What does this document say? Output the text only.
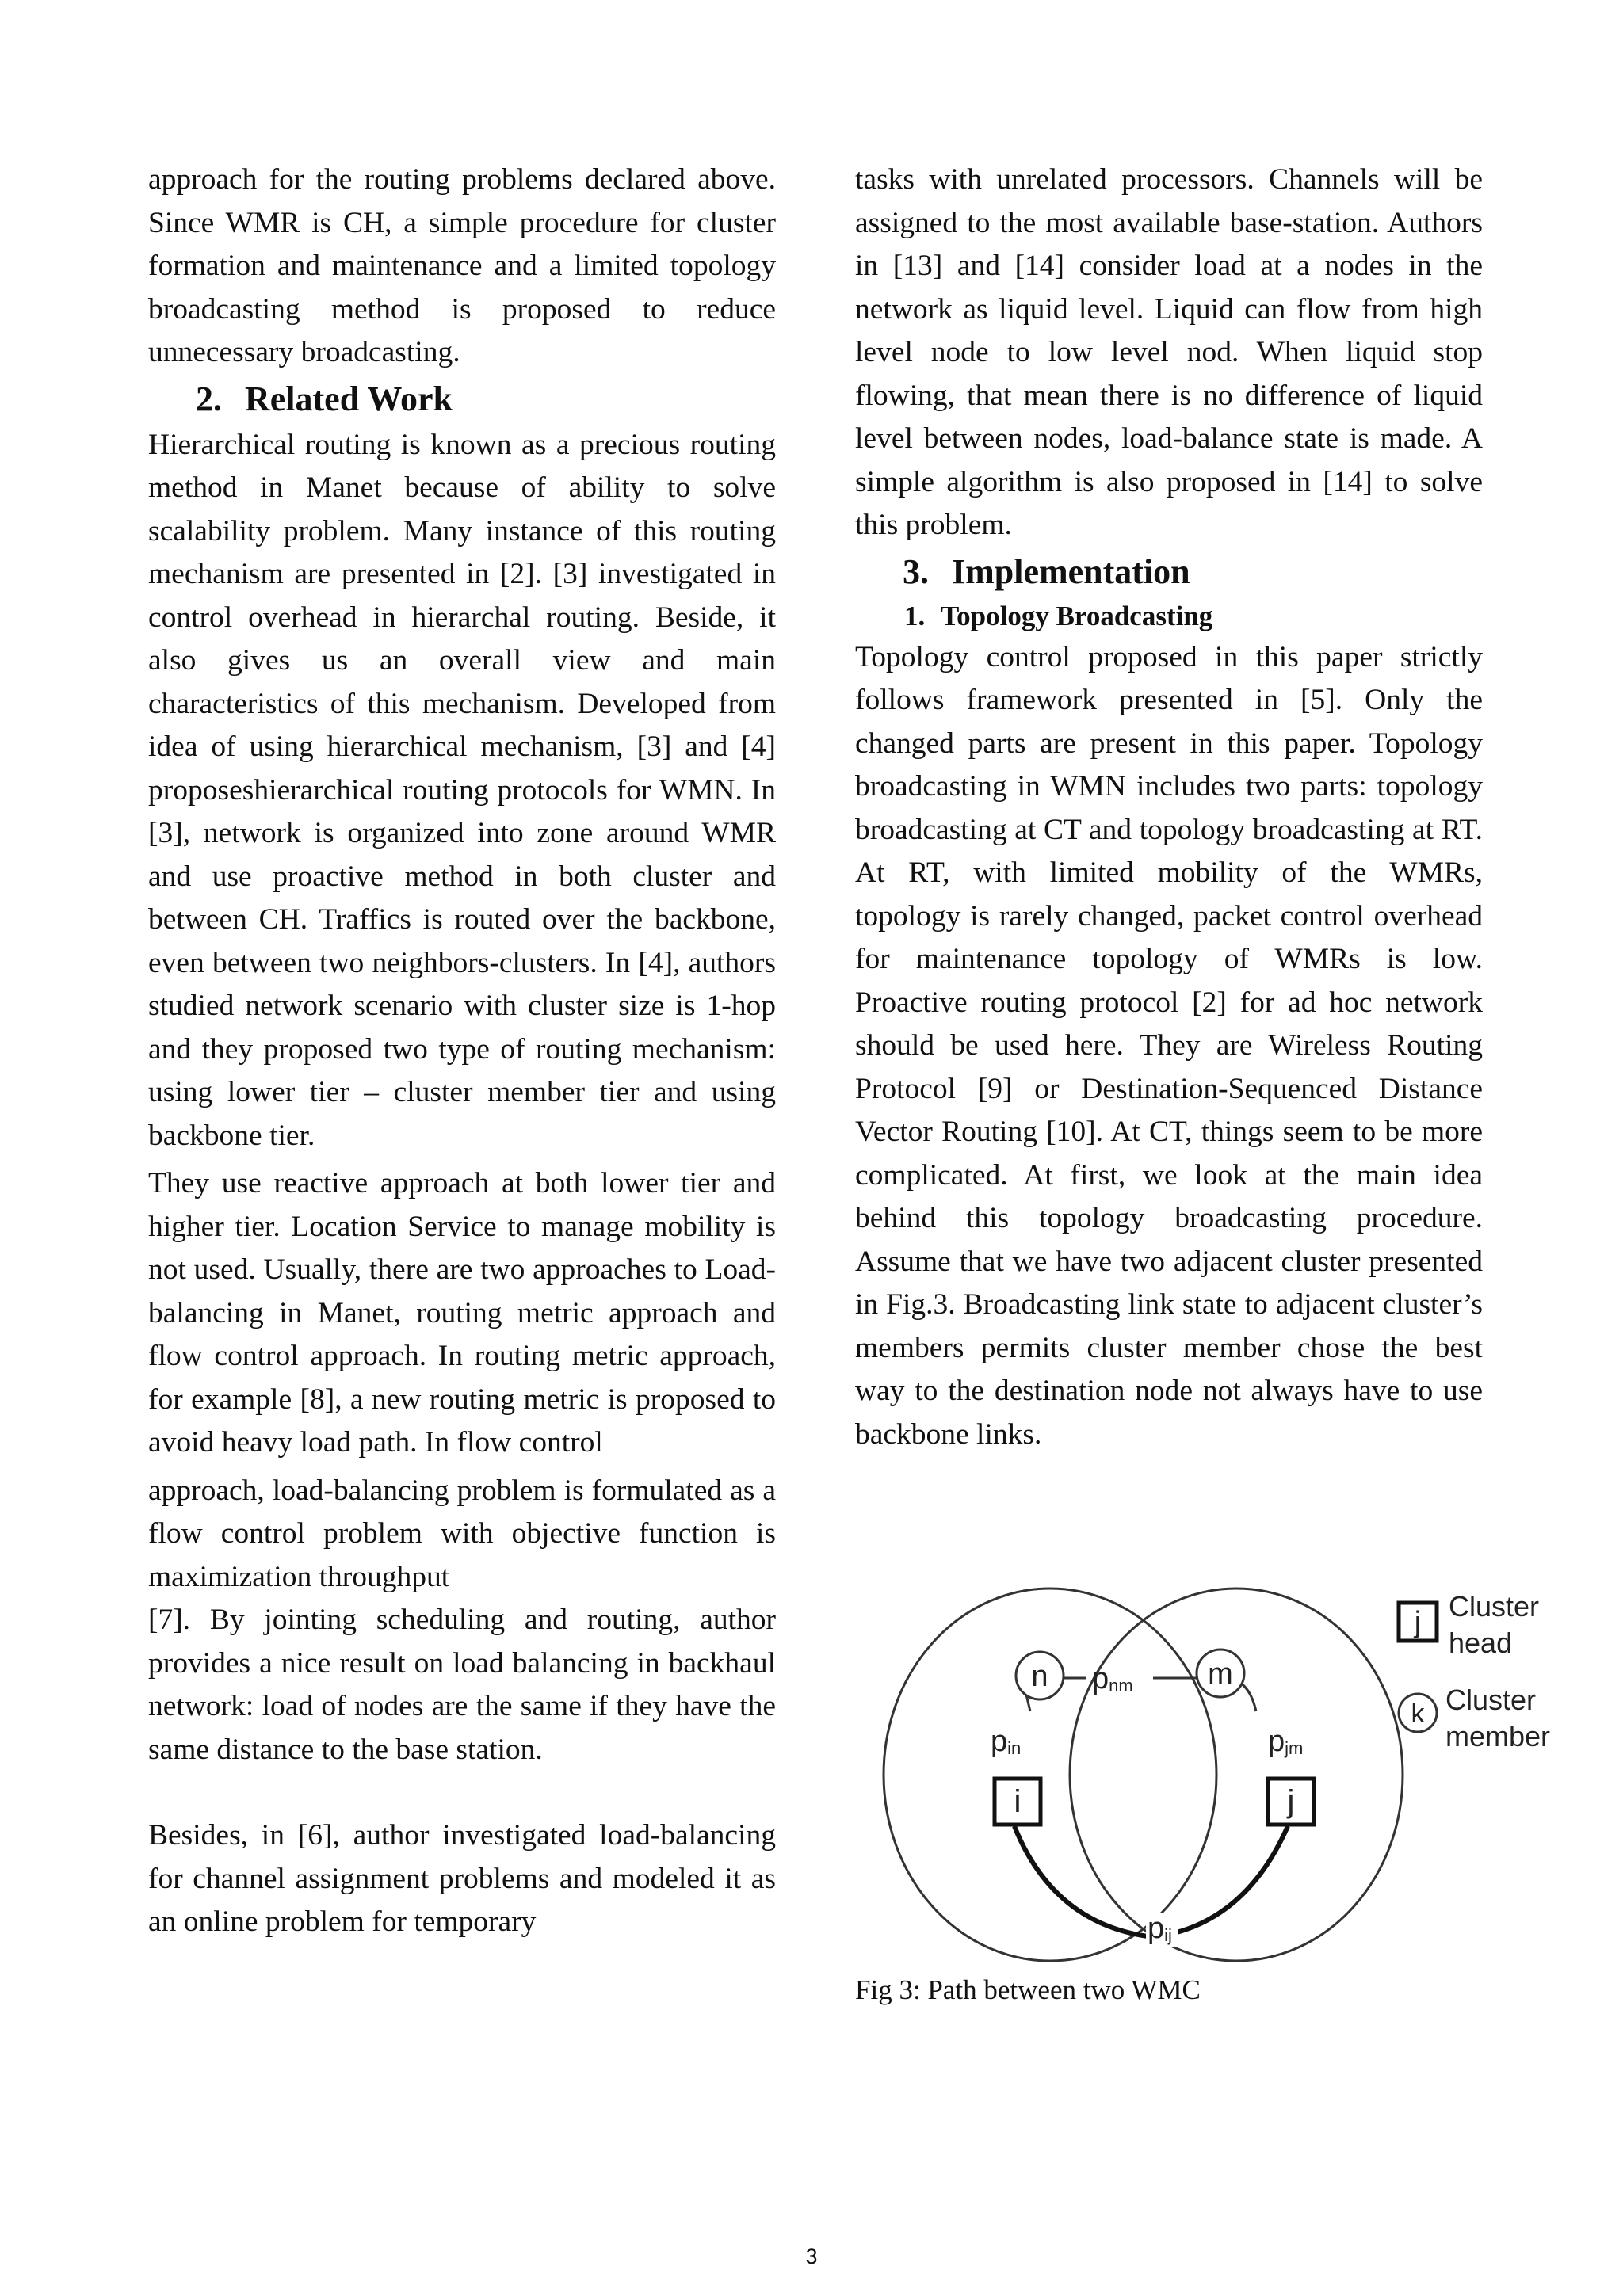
approach for the routing problems declared above. Since WMR is CH, a simple procedure for cluster formation and maintenance and a limited topology broadcasting method is proposed to reduce unnecessary broadcasting.

2. Related Work

Hierarchical routing is known as a precious routing method in Manet because of ability to solve scalability problem. Many instance of this routing mechanism are presented in [2]. [3] investigated in control overhead in hierarchal routing. Beside, it also gives us an overall view and main characteristics of this mechanism. Developed from idea of using hierarchical mechanism, [3] and [4] proposeshierarchical routing protocols for WMN. In [3], network is organized into zone around WMR and use proactive method in both cluster and between CH. Traffics is routed over the backbone, even between two neighbors-clusters. In [4], authors studied network scenario with cluster size is 1-hop and they proposed two type of routing mechanism: using lower tier – cluster member tier and using backbone tier.

They use reactive approach at both lower tier and higher tier. Location Service to manage mobility is not used. Usually, there are two approaches to Load-balancing in Manet, routing metric approach and flow control approach. In routing metric approach, for example [8], a new routing metric is proposed to avoid heavy load path. In flow control

approach, load-balancing problem is formulated as a flow control problem with objective function is maximization throughput

[7]. By jointing scheduling and routing, author provides a nice result on load balancing in backhaul network: load of nodes are the same if they have the same distance to the base station.

Besides, in [6], author investigated load-balancing for channel assignment problems and modeled it as an online problem for temporary

tasks with unrelated processors. Channels will be assigned to the most available base-station. Authors in [13] and [14] consider load at a nodes in the network as liquid level. Liquid can flow from high level node to low level nod. When liquid stop flowing, that mean there is no difference of liquid level between nodes, load-balance state is made. A simple algorithm is also proposed in [14] to solve this problem.

3. Implementation
1. Topology Broadcasting

Topology control proposed in this paper strictly follows framework presented in [5]. Only the changed parts are present in this paper. Topology broadcasting in WMN includes two parts: topology broadcasting at CT and topology broadcasting at RT. At RT, with limited mobility of the WMRs, topology is rarely changed, packet control overhead for maintenance topology of WMRs is low. Proactive routing protocol [2] for ad hoc network should be used here. They are Wireless Routing Protocol [9] or Destination-Sequenced Distance Vector Routing [10]. At CT, things seem to be more complicated. At first, we look at the main idea behind this topology broadcasting procedure. Assume that we have two adjacent cluster presented in Fig.3. Broadcasting link state to adjacent cluster’s members permits cluster member chose the best way to the destination node not always have to use backbone links.

n	m
i	j
pnm
pin	pjm
pij
j Cluster
head
k Cluster
member
Fig 3: Path between two WMC
3
